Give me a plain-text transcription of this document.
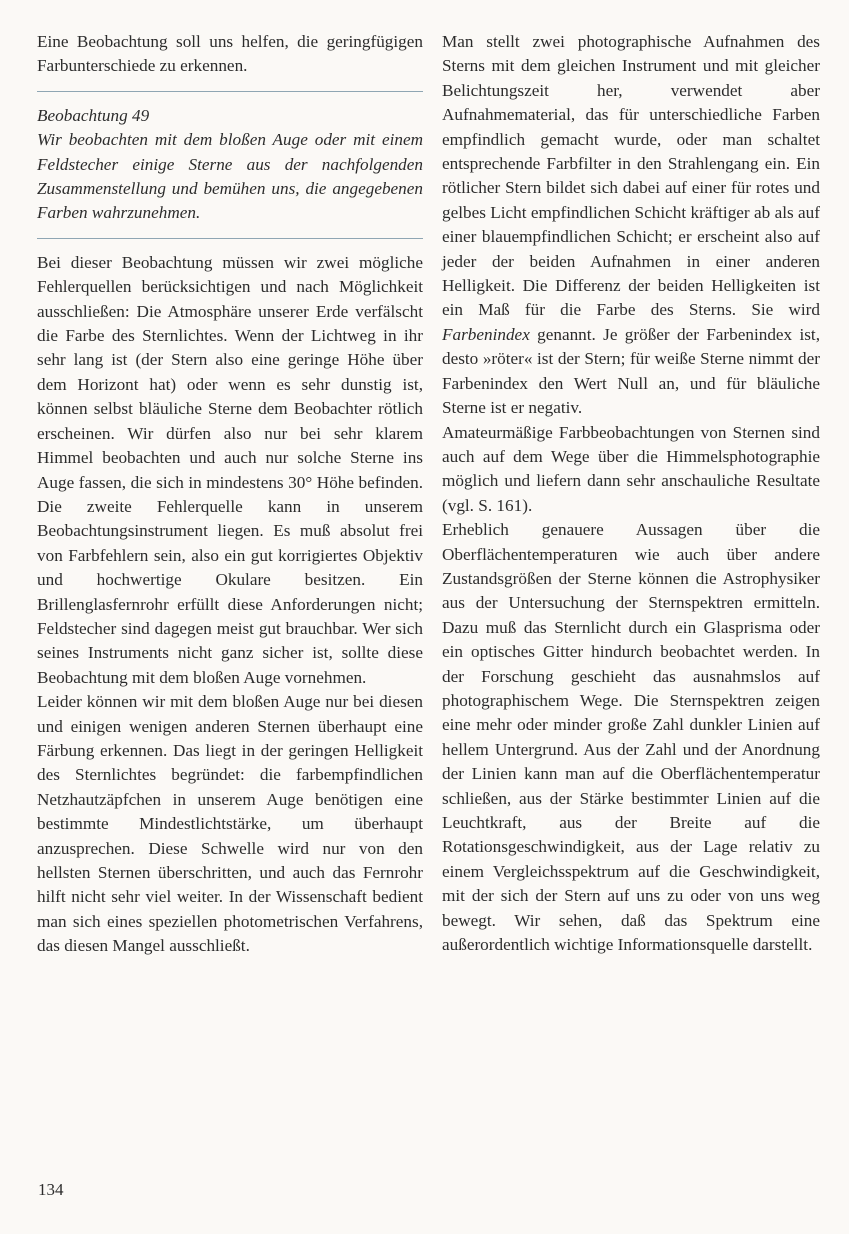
Eine Beobachtung soll uns helfen, die geringfügigen Farbunterschiede zu erkennen.

Beobachtung 49

Wir beobachten mit dem bloßen Auge oder mit einem Feldstecher einige Sterne aus der nachfolgenden Zusammenstellung und bemühen uns, die angegebenen Farben wahrzunehmen.

Bei dieser Beobachtung müssen wir zwei mögliche Fehlerquellen berücksichtigen und nach Möglichkeit ausschließen: Die Atmosphäre unserer Erde verfälscht die Farbe des Sternlichtes. Wenn der Lichtweg in ihr sehr lang ist (der Stern also eine geringe Höhe über dem Horizont hat) oder wenn es sehr dunstig ist, können selbst bläuliche Sterne dem Beobachter rötlich erscheinen. Wir dürfen also nur bei sehr klarem Himmel beobachten und auch nur solche Sterne ins Auge fassen, die sich in mindestens 30° Höhe befinden. Die zweite Fehlerquelle kann in unserem Beobachtungsinstrument liegen. Es muß absolut frei von Farbfehlern sein, also ein gut korrigiertes Objektiv und hochwertige Okulare besitzen. Ein Brillenglasfernrohr erfüllt diese Anforderungen nicht; Feldstecher sind dagegen meist gut brauchbar. Wer sich seines Instruments nicht ganz sicher ist, sollte diese Beobachtung mit dem bloßen Auge vornehmen.

Leider können wir mit dem bloßen Auge nur bei diesen und einigen wenigen anderen Sternen überhaupt eine Färbung erkennen. Das liegt in der geringen Helligkeit des Sternlichtes begründet: die farbempfindlichen Netzhautzäpfchen in unserem Auge benötigen eine bestimmte Mindestlichtstärke, um überhaupt anzusprechen. Diese Schwelle wird nur von den hellsten Sternen überschritten, und auch das Fernrohr hilft nicht sehr viel weiter. In der Wissenschaft bedient man sich eines speziellen photometrischen Verfahrens, das diesen Mangel ausschließt.

Man stellt zwei photographische Aufnahmen des Sterns mit dem gleichen Instrument und mit gleicher Belichtungszeit her, verwendet aber Aufnahmematerial, das für unterschiedliche Farben empfindlich gemacht wurde, oder man schaltet entsprechende Farbfilter in den Strahlengang ein. Ein rötlicher Stern bildet sich dabei auf einer für rotes und gelbes Licht empfindlichen Schicht kräftiger ab als auf einer blauempfindlichen Schicht; er erscheint also auf jeder der beiden Aufnahmen in einer anderen Helligkeit. Die Differenz der beiden Helligkeiten ist ein Maß für die Farbe des Sterns. Sie wird Farbenindex genannt. Je größer der Farbenindex ist, desto »röter« ist der Stern; für weiße Sterne nimmt der Farbenindex den Wert Null an, und für bläuliche Sterne ist er negativ.

Amateurmäßige Farbbeobachtungen von Sternen sind auch auf dem Wege über die Himmelsphotographie möglich und liefern dann sehr anschauliche Resultate (vgl. S. 161).

Erheblich genauere Aussagen über die Oberflächentemperaturen wie auch über andere Zustandsgrößen der Sterne können die Astrophysiker aus der Untersuchung der Sternspektren ermitteln. Dazu muß das Sternlicht durch ein Glasprisma oder ein optisches Gitter hindurch beobachtet werden. In der Forschung geschieht das ausnahmslos auf photographischem Wege. Die Sternspektren zeigen eine mehr oder minder große Zahl dunkler Linien auf hellem Untergrund. Aus der Zahl und der Anordnung der Linien kann man auf die Oberflächentemperatur schließen, aus der Stärke bestimmter Linien auf die Leuchtkraft, aus der Breite auf die Rotationsgeschwindigkeit, aus der Lage relativ zu einem Vergleichsspektrum auf die Geschwindigkeit, mit der sich der Stern auf uns zu oder von uns weg bewegt. Wir sehen, daß das Spektrum eine außerordentlich wichtige Informationsquelle darstellt.

134
